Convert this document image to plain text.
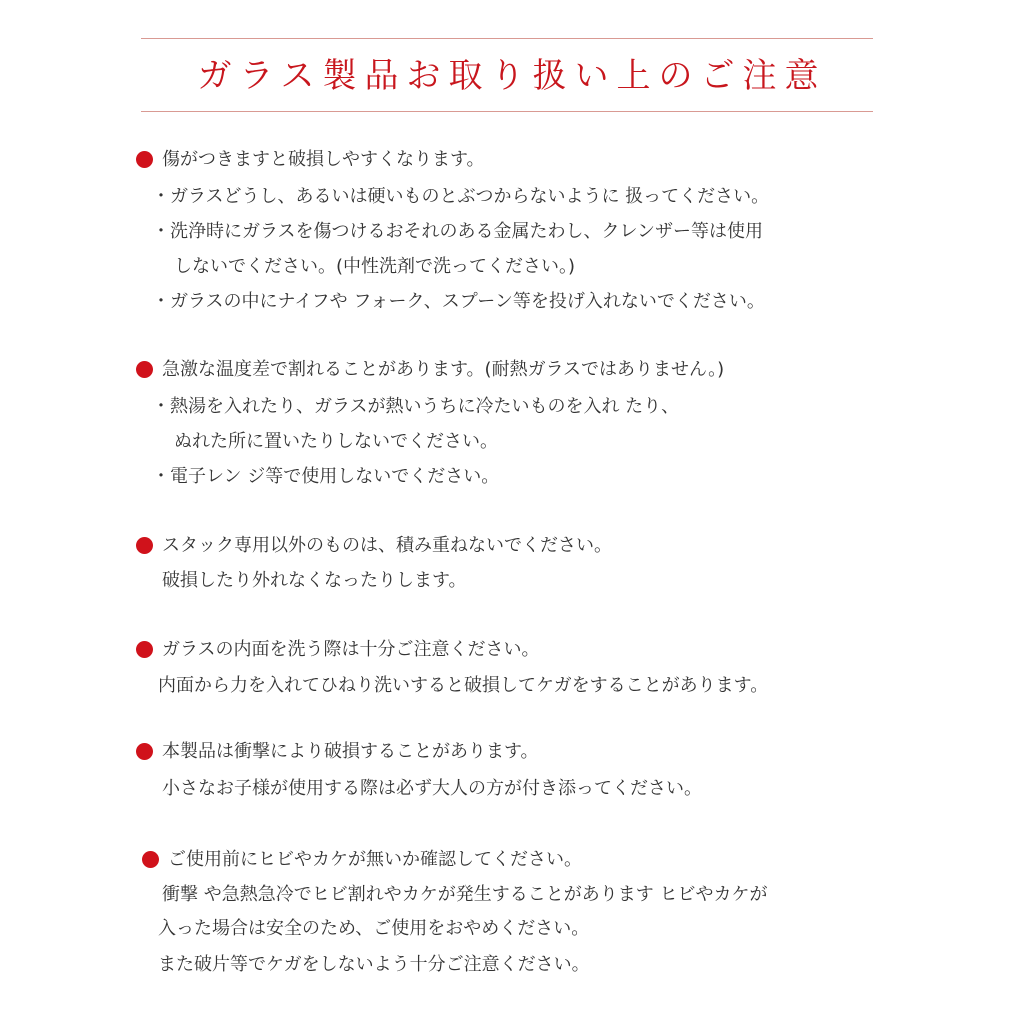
ガラス製品お取り扱い上のご注意
傷がつきますと破損しやすくなります。
・ガラスどうし、あるいは硬いものとぶつからないように 扱ってください。
・洗浄時にガラスを傷つけるおそれのある金属たわし、クレンザー等は使用
しないでください。(中性洗剤で洗ってください。)
・ガラスの中にナイフや フォーク、スプーン等を投げ入れないでください。
急激な温度差で割れることがあります。(耐熱ガラスではありません。)
・熱湯を入れたり、ガラスが熱いうちに冷たいものを入れ たり、
ぬれた所に置いたりしないでください。
・電子レン ジ等で使用しないでください。
スタック専用以外のものは、積み重ねないでください。
破損したり外れなくなったりします。
ガラスの内面を洗う際は十分ご注意ください。
内面から力を入れてひねり洗いすると破損してケガをすることがあります。
本製品は衝撃により破損することがあります。
小さなお子様が使用する際は必ず大人の方が付き添ってください。
ご使用前にヒビやカケが無いか確認してください。
衝撃 や急熱急冷でヒビ割れやカケが発生することがあります ヒビやカケが
入った場合は安全のため、ご使用をおやめください。
また破片等でケガをしないよう十分ご注意ください。
